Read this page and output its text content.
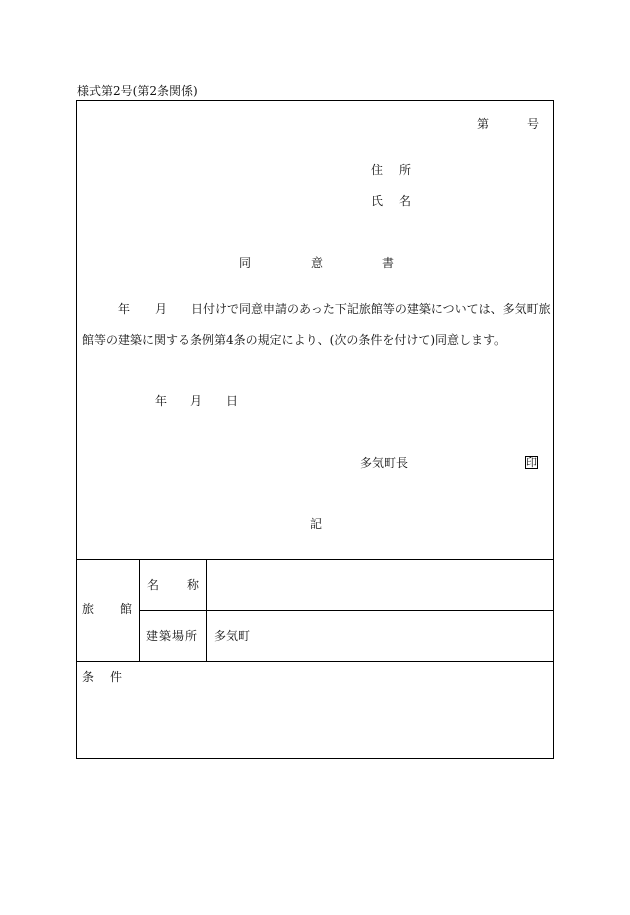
様式第2号(第2条関係)
第	号
住　所
氏　名
同	意	書
年 月 日付けで同意申請のあった下記旅館等の建築については、多気町旅
館等の建築に関する条例第4条の規定により、(次の条件を付けて)同意します。
年 月 日
多気町長	印
記
旅 館
名 称
建築場所 多気町
条　件
